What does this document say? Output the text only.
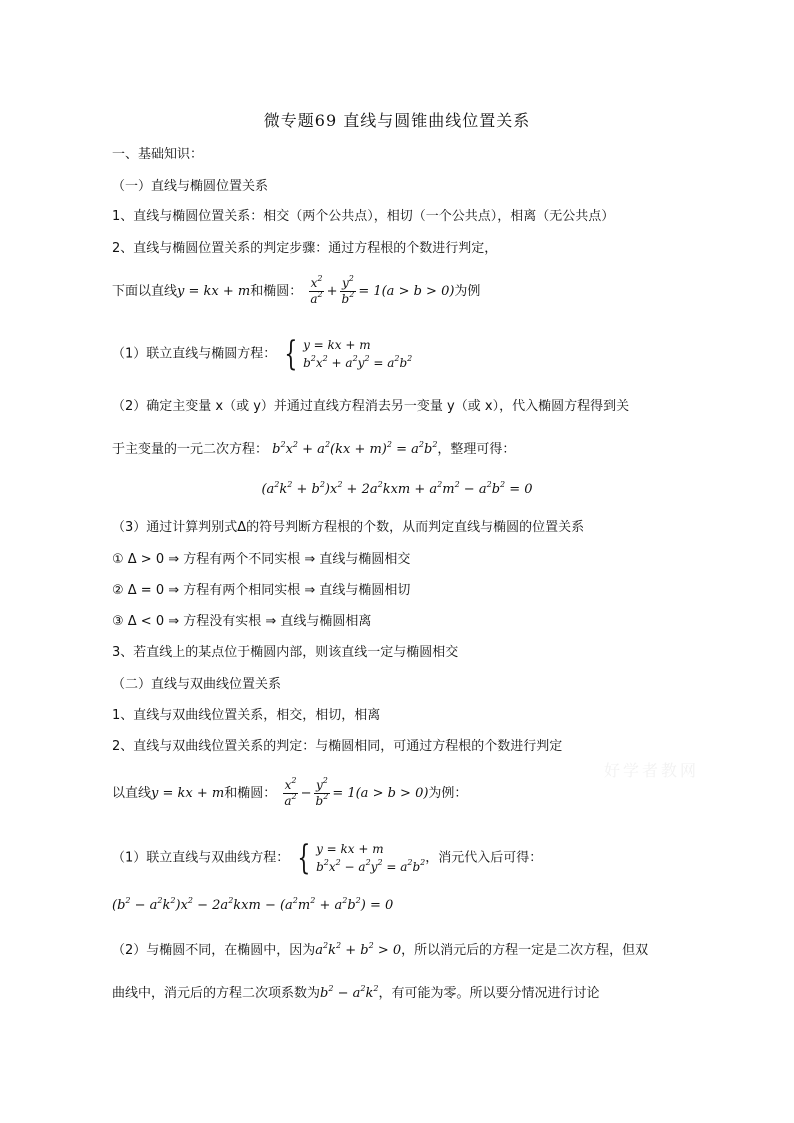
微专题69 直线与圆锥曲线位置关系
一、基础知识：
（一）直线与椭圆位置关系
1、直线与椭圆位置关系：相交（两个公共点），相切（一个公共点），相离（无公共点）
2、直线与椭圆位置关系的判定步骤：通过方程根的个数进行判定，
下面以直线y = kx + m和椭圆： $\frac{x^2}{a^2} + \frac{y^2}{b^2} = 1(a > b > 0)$为例
（1）联立直线与椭圆方程： { y = kx + m
$b^2x^2 + a^2y^2 = a^2b^2$
（2）确定主变量 x（或 y）并通过直线方程消去另一变量 y（或 x），代入椭圆方程得到关
于主变量的一元二次方程： $b^2x^2 + a^2(kx + m)^2 = a^2b^2$，整理可得：
$(a^2k^2 + b^2)x^2 + 2a^2kxm + a^2m^2 - a^2b^2 = 0$
（3）通过计算判别式Δ的符号判断方程根的个数，从而判定直线与椭圆的位置关系
① Δ > 0 ⇒ 方程有两个不同实根 ⇒ 直线与椭圆相交
② Δ = 0 ⇒ 方程有两个相同实根 ⇒ 直线与椭圆相切
③ Δ < 0 ⇒ 方程没有实根 ⇒ 直线与椭圆相离
3、若直线上的某点位于椭圆内部，则该直线一定与椭圆相交
（二）直线与双曲线位置关系
1、直线与双曲线位置关系，相交，相切，相离
2、直线与双曲线位置关系的判定：与椭圆相同，可通过方程根的个数进行判定
以直线y = kx + m和椭圆： $\frac{x^2}{a^2} - \frac{y^2}{b^2} = 1(a > b > 0)$为例：
（1）联立直线与双曲线方程： { y = kx + m
$b^2x^2 - a^2y^2 = a^2b^2$ ，消元代入后可得：
$(b^2 - a^2k^2)x^2 - 2a^2kxm - (a^2m^2 + a^2b^2) = 0$
（2）与椭圆不同，在椭圆中，因为$a^2k^2 + b^2 > 0$，所以消元后的方程一定是二次方程，但双
曲线中，消元后的方程二次项系数为$b^2 - a^2k^2$，有可能为零。所以要分情况进行讨论
好学者教网
